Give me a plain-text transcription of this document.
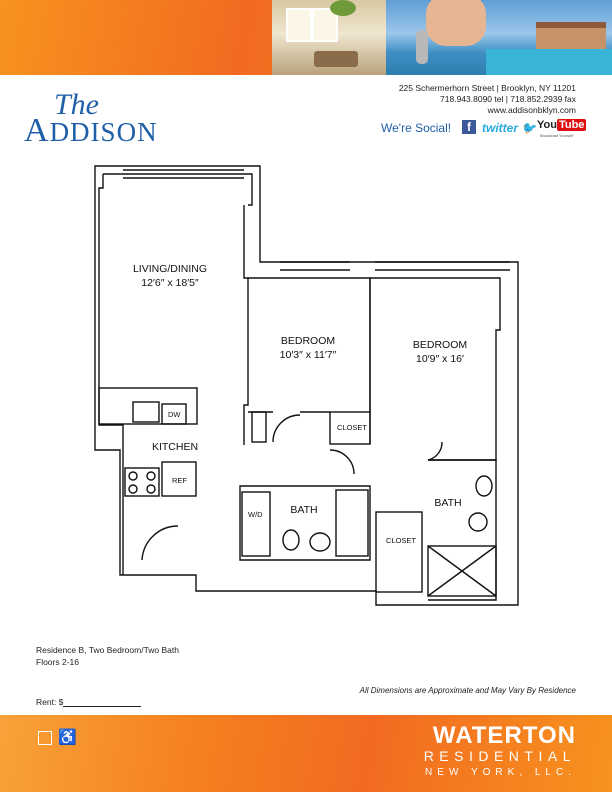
The
ADDISON
225 Schermerhorn Street | Brooklyn, NY 11201
718.943.8090 tel | 718.852.2939 fax
www.addisonbklyn.com
We're Social!	f twitter 🐦 You Tube
Broadcast Yourself
LIVING/DINING
12′6″ x 18′5″
BEDROOM
10′3″ x 11′7″
BEDROOM
10′9″ x 16′
KITCHEN
BATH
BATH
CLOSET
CLOSET
DW
REF
W/D
Residence B, Two Bedroom/Two Bath
Floors 2-16
Rent: $
All Dimensions are Approximate and May Vary By Residence
♿	WATERTON
RESIDENTIAL
NEW YORK, LLC.
